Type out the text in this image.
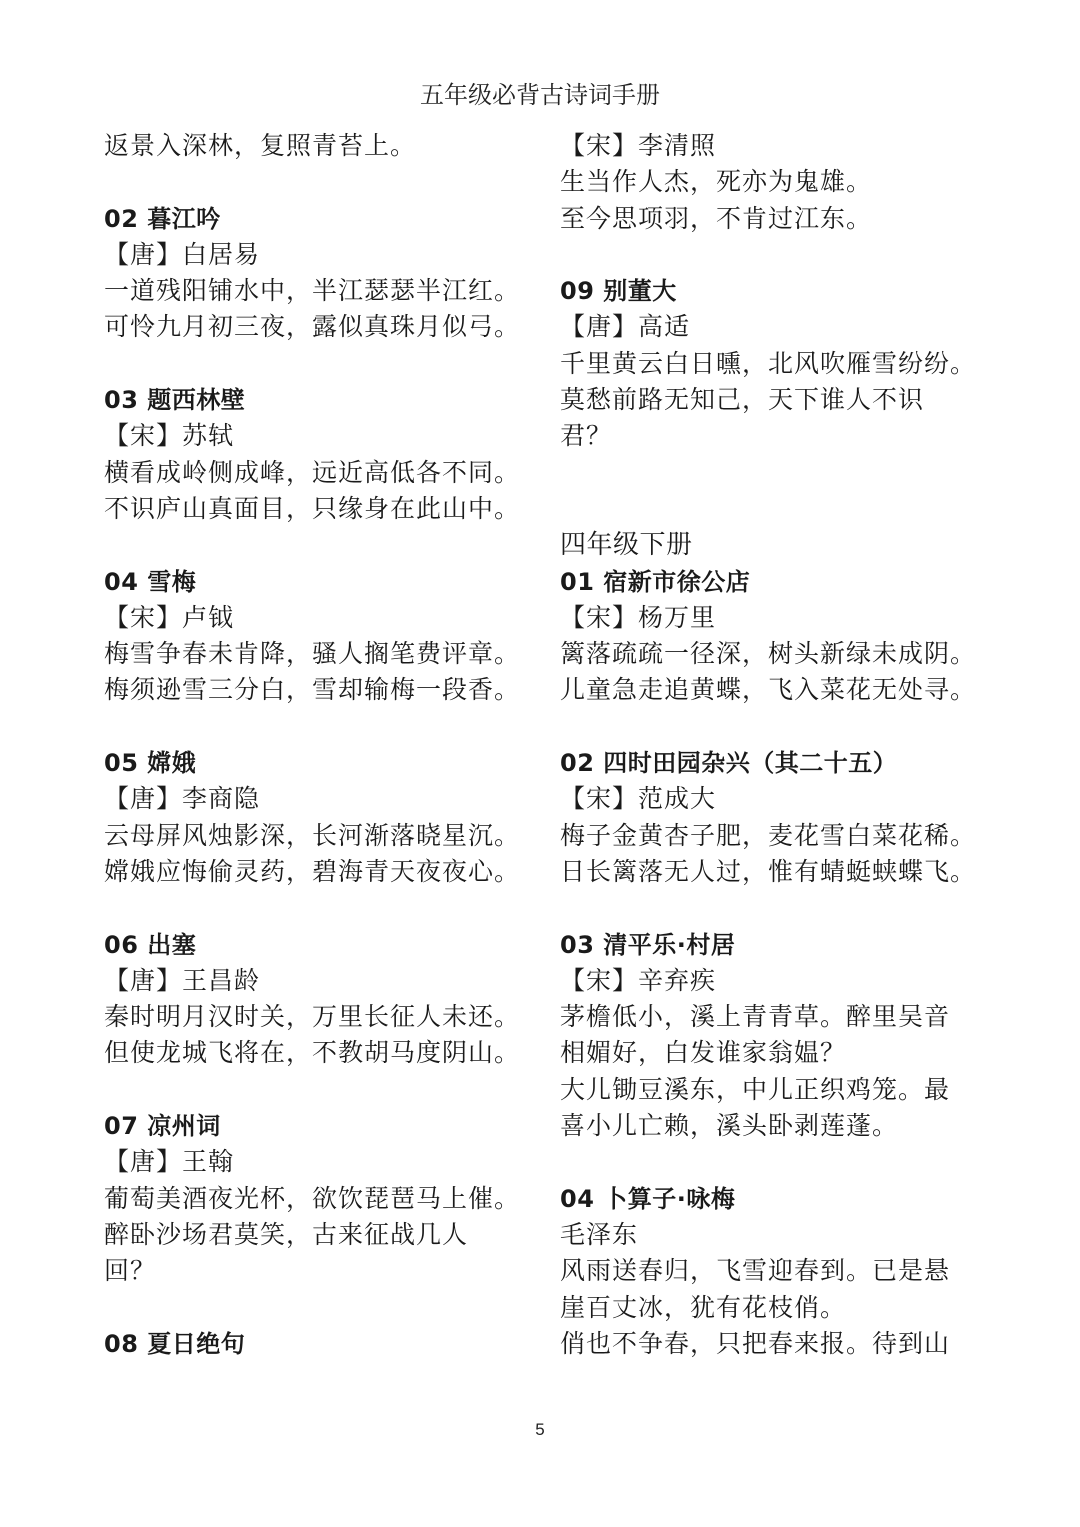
五年级必背古诗词手册
返景入深林，复照青苔上。
02 暮江吟
【唐】白居易
一道残阳铺水中，半江瑟瑟半江红。
可怜九月初三夜，露似真珠月似弓。
03 题西林壁
【宋】苏轼
横看成岭侧成峰，远近高低各不同。
不识庐山真面目，只缘身在此山中。
04 雪梅
【宋】卢钺
梅雪争春未肯降，骚人搁笔费评章。
梅须逊雪三分白，雪却输梅一段香。
05 嫦娥
【唐】李商隐
云母屏风烛影深，长河渐落晓星沉。
嫦娥应悔偷灵药，碧海青天夜夜心。
06 出塞
【唐】王昌龄
秦时明月汉时关，万里长征人未还。
但使龙城飞将在，不教胡马度阴山。
07 凉州词
【唐】王翰
葡萄美酒夜光杯，欲饮琵琶马上催。
醉卧沙场君莫笑，古来征战几人
回？
08 夏日绝句
【宋】李清照
生当作人杰，死亦为鬼雄。
至今思项羽，不肯过江东。
09 别董大
【唐】高适
千里黄云白日曛，北风吹雁雪纷纷。
莫愁前路无知己，天下谁人不识
君？
四年级下册
01 宿新市徐公店
【宋】杨万里
篱落疏疏一径深，树头新绿未成阴。
儿童急走追黄蝶，飞入菜花无处寻。
02 四时田园杂兴（其二十五）
【宋】范成大
梅子金黄杏子肥，麦花雪白菜花稀。
日长篱落无人过，惟有蜻蜓蛱蝶飞。
03 清平乐·村居
【宋】辛弃疾
茅檐低小，溪上青青草。醉里吴音
相媚好，白发谁家翁媪？
大儿锄豆溪东，中儿正织鸡笼。最
喜小儿亡赖，溪头卧剥莲蓬。
04 卜算子·咏梅
毛泽东
风雨送春归，飞雪迎春到。已是悬
崖百丈冰，犹有花枝俏。
俏也不争春，只把春来报。待到山
5
